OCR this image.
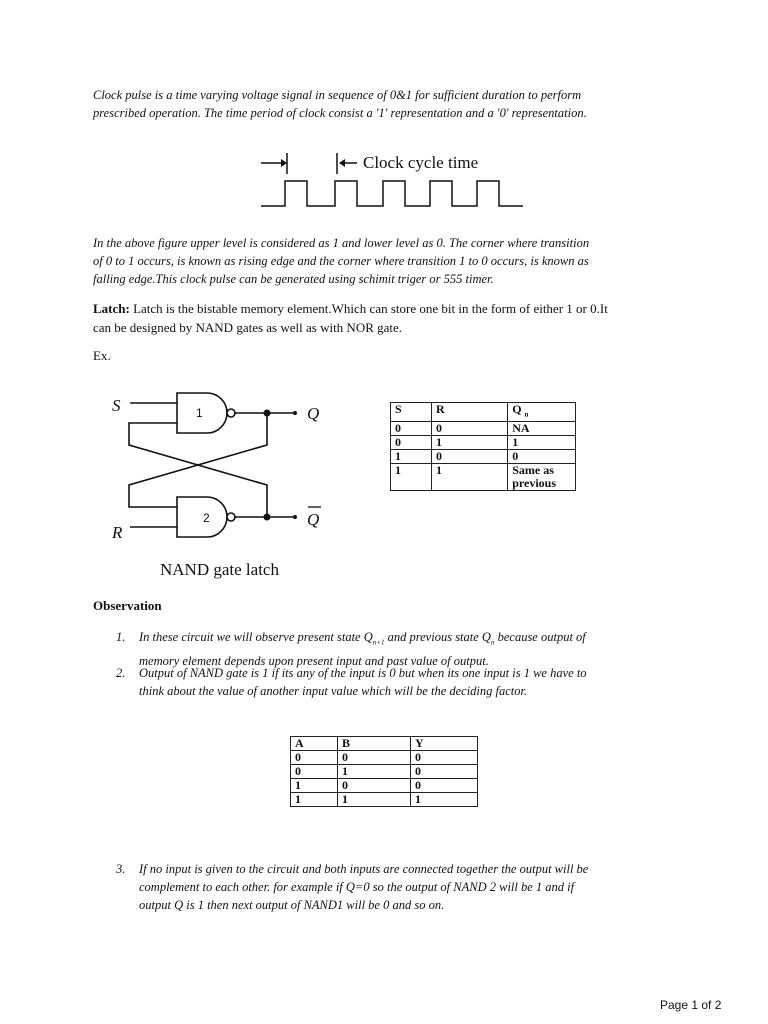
Clock pulse is a time varying voltage signal in sequence of 0&1 for sufficient duration to perform
prescribed operation. The time period of clock consist a '1' representation and a '0' representation.
Clock cycle time
In the above figure upper level is considered as 1 and lower level as 0. The corner where transition
of 0 to 1 occurs, is known as rising edge and the corner where transition 1 to 0 occurs, is known as
falling edge.This clock pulse can be generated using schimit triger or 555 timer.
Latch: Latch is the bistable memory element.Which can store one bit in the form of either 1 or 0.It
can be designed by NAND gates as well as with NOR gate.
Ex.
S
R
Q
Q
1
2
NAND gate latch
S	R	Q $_n$
0	0	NA
0	1	1
1	0	0
1	1	Same as previous
Observation
1. In these circuit we will observe present state $Q_{n+1}$ and previous state $Q_n$ because output of
memory element depends upon present input and past value of output.
2. Output of NAND gate is 1 if its any of the input is 0 but when its one input is 1 we have to
think about the value of another input value which will be the deciding factor.
A	B	Y
0	0	0
0	1	0
1	0	0
1	1	1
3. If no input is given to the circuit and both inputs are connected together the output will be
complement to each other. for example if Q=0 so the output of NAND 2 will be 1 and if
output Q is 1 then next output of NAND1 will be 0 and so on.
Page 1 of 2
